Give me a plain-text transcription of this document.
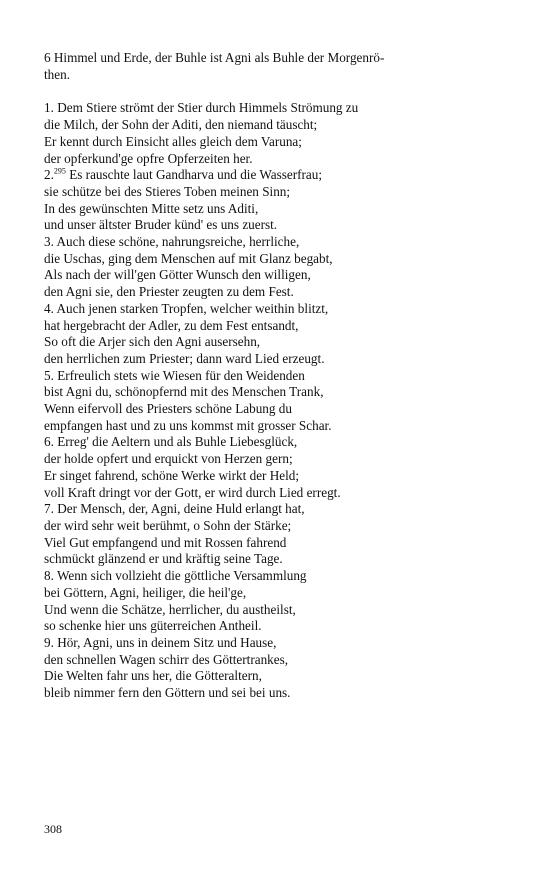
6 Himmel und Erde, der Buhle ist Agni als Buhle der Morgenrö-
then.
1. Dem Stiere strömt der Stier durch Himmels Strömung zu
die Milch, der Sohn der Aditi, den niemand täuscht;
Er kennt durch Einsicht alles gleich dem Varuna;
der opferkund'ge opfre Opferzeiten her.
2.$^{295}$ Es rauschte laut Gandharva und die Wasserfrau;
sie schütze bei des Stieres Toben meinen Sinn;
In des gewünschten Mitte setz uns Aditi,
und unser ältster Bruder künd' es uns zuerst.
3. Auch diese schöne, nahrungsreiche, herrliche,
die Uschas, ging dem Menschen auf mit Glanz begabt,
Als nach der will'gen Götter Wunsch den willigen,
den Agni sie, den Priester zeugten zu dem Fest.
4. Auch jenen starken Tropfen, welcher weithin blitzt,
hat hergebracht der Adler, zu dem Fest entsandt,
So oft die Arjer sich den Agni ausersehn,
den herrlichen zum Priester; dann ward Lied erzeugt.
5. Erfreulich stets wie Wiesen für den Weidenden
bist Agni du, schönopfernd mit des Menschen Trank,
Wenn eifervoll des Priesters schöne Labung du
empfangen hast und zu uns kommst mit grosser Schar.
6. Erreg' die Aeltern und als Buhle Liebesglück,
der holde opfert und erquickt von Herzen gern;
Er singet fahrend, schöne Werke wirkt der Held;
voll Kraft dringt vor der Gott, er wird durch Lied erregt.
7. Der Mensch, der, Agni, deine Huld erlangt hat,
der wird sehr weit berühmt, o Sohn der Stärke;
Viel Gut empfangend und mit Rossen fahrend
schmückt glänzend er und kräftig seine Tage.
8. Wenn sich vollzieht die göttliche Versammlung
bei Göttern, Agni, heiliger, die heil'ge,
Und wenn die Schätze, herrlicher, du austheilst,
so schenke hier uns güterreichen Antheil.
9. Hör, Agni, uns in deinem Sitz und Hause,
den schnellen Wagen schirr des Göttertrankes,
Die Welten fahr uns her, die Götteraltern,
bleib nimmer fern den Göttern und sei bei uns.
308
